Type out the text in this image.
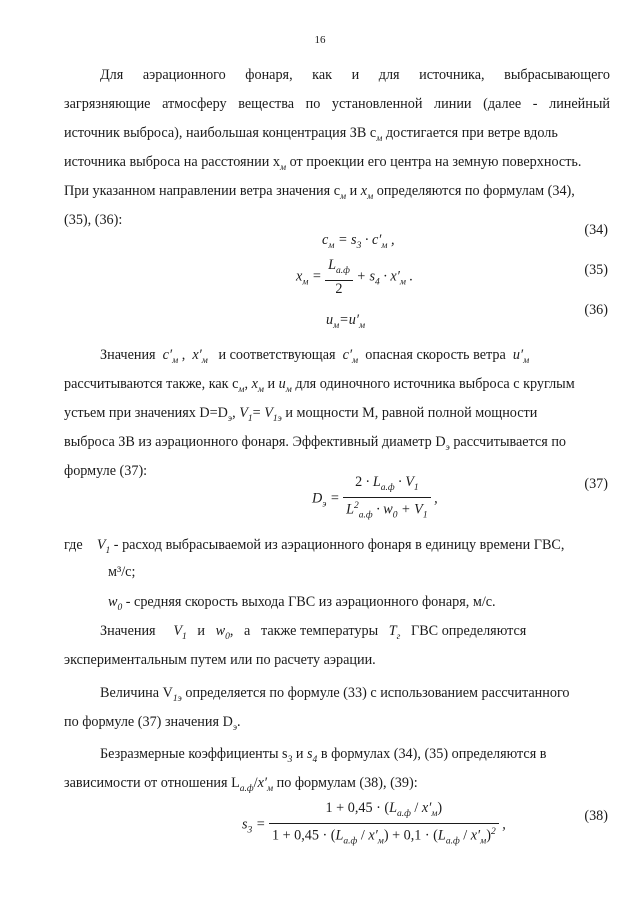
16
Для аэрационного фонаря, как и для источника, выбрасывающего
загрязняющие атмосферу вещества по установленной линии (далее - линейный
источник выброса), наибольшая концентрация ЗВ $c_м$ достигается при ветре вдоль
источника выброса на расстоянии $x_м$ от проекции его центра на земную поверхность.
При указанном направлении ветра значения $c_м$ и $x_м$ определяются по формулам (34),
(35), (36):
$c_м = s_3 \cdot c'_м$ ,
(34)
$x_м = \frac{L_{а.ф}}{2} + s_4 \cdot x'_м$ .	(35)
$u_м=u'_м$
(36)
Значения $c'_м$ ,  $x'_м$ и соответствующая $c'_м$ опасная скорость ветра $u'_м$
рассчитываются также, как $c_м$, $x_м$ и $u_м$ для одиночного источника выброса с круглым
устьем при значениях $D=D_э$, $V_1= V_{1э}$ и мощности M, равной полной мощности
выброса ЗВ из аэрационного фонаря. Эффективный диаметр $D_э$ рассчитывается по
формуле (37):
$D_э = \frac{2 \cdot L_{а.ф} \cdot V_1}{L^2_{а.ф} \cdot w_0 + V_1}$ ,
(37)
где $V_1$ - расход выбрасываемой из аэрационного фонаря в единицу времени ГВС,
м³/с;
$w_0$ - средняя скорость выхода ГВС из аэрационного фонаря, м/с.
Значения $V_1$   и   $w_0$,   а   также температуры $T_г$ ГВС определяются
экспериментальным путем или по расчету аэрации.
Величина $V_{1э}$ определяется по формуле (33) с использованием рассчитанного
по формуле (37) значения $D_э$.
Безразмерные коэффициенты $s_3$ и $s_4$ в формулах (34), (35) определяются в
зависимости от отношения $L_{а.ф}/x'_м$ по формулам (38), (39):
$s_3 = \frac{1 + 0,45 \cdot (L_{а.ф} / x'_м)}{1 + 0,45 \cdot (L_{а.ф} / x'_м) + 0,1 \cdot (L_{а.ф} / x'_м)^2}$ ,
(38)
